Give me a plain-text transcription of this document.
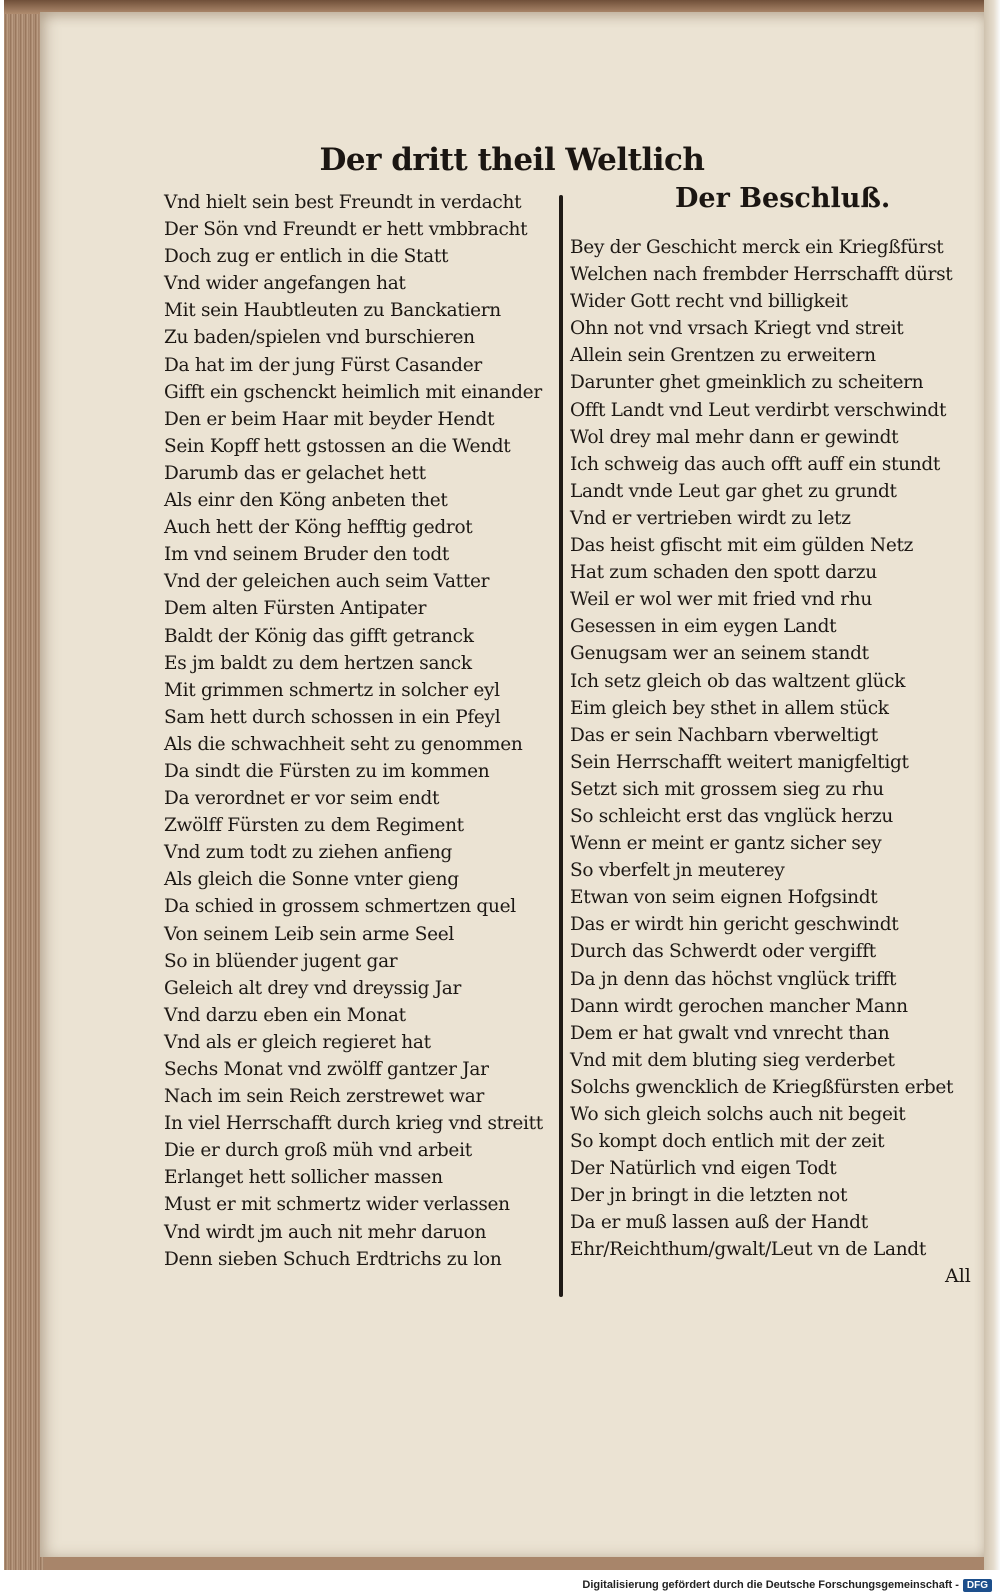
Der dritt theil Weltlich
Vnd hielt sein best Freundt in verdacht
Der Sön vnd Freundt er hett vmbbracht
Doch zug er entlich in die Statt
Vnd wider angefangen hat
Mit sein Haubtleuten zu Banckatiern
Zu baden/spielen vnd burschieren
Da hat im der jung Fürst Casander
Gifft ein gschenckt heimlich mit einander
Den er beim Haar mit beyder Hendt
Sein Kopff hett gstossen an die Wendt
Darumb das er gelachet hett
Als einr den Köng anbeten thet
Auch hett der Köng hefftig gedrot
Im vnd seinem Bruder den todt
Vnd der geleichen auch seim Vatter
Dem alten Fürsten Antipater
Baldt der König das gifft getranck
Es jm baldt zu dem hertzen sanck
Mit grimmen schmertz in solcher eyl
Sam hett durch schossen in ein Pfeyl
Als die schwachheit seht zu genommen
Da sindt die Fürsten zu im kommen
Da verordnet er vor seim endt
Zwölff Fürsten zu dem Regiment
Vnd zum todt zu ziehen anfieng
Als gleich die Sonne vnter gieng
Da schied in grossem schmertzen quel
Von seinem Leib sein arme Seel
So in blüender jugent gar
Geleich alt drey vnd dreyssig Jar
Vnd darzu eben ein Monat
Vnd als er gleich regieret hat
Sechs Monat vnd zwölff gantzer Jar
Nach im sein Reich zerstrewet war
In viel Herrschafft durch krieg vnd streitt
Die er durch groß müh vnd arbeit
Erlanget hett sollicher massen
Must er mit schmertz wider verlassen
Vnd wirdt jm auch nit mehr daruon
Denn sieben Schuch Erdtrichs zu lon
Der Beschluß.
Bey der Geschicht merck ein Kriegßfürst
Welchen nach frembder Herrschafft dürst
Wider Gott recht vnd billigkeit
Ohn not vnd vrsach Kriegt vnd streit
Allein sein Grentzen zu erweitern
Darunter ghet gmeinklich zu scheitern
Offt Landt vnd Leut verdirbt verschwindt
Wol drey mal mehr dann er gewindt
Ich schweig das auch offt auff ein stundt
Landt vnde Leut gar ghet zu grundt
Vnd er vertrieben wirdt zu letz
Das heist gfischt mit eim gülden Netz
Hat zum schaden den spott darzu
Weil er wol wer mit fried vnd rhu
Gesessen in eim eygen Landt
Genugsam wer an seinem standt
Ich setz gleich ob das waltzent glück
Eim gleich bey sthet in allem stück
Das er sein Nachbarn vberweltigt
Sein Herrschafft weitert manigfeltigt
Setzt sich mit grossem sieg zu rhu
So schleicht erst das vnglück herzu
Wenn er meint er gantz sicher sey
So vberfelt jn meuterey
Etwan von seim eignen Hofgsindt
Das er wirdt hin gericht geschwindt
Durch das Schwerdt oder vergifft
Da jn denn das höchst vnglück trifft
Dann wirdt gerochen mancher Mann
Dem er hat gwalt vnd vnrecht than
Vnd mit dem bluting sieg verderbet
Solchs gwencklich de Kriegßfürsten erbet
Wo sich gleich solchs auch nit begeit
So kompt doch entlich mit der zeit
Der Natürlich vnd eigen Todt
Der jn bringt in die letzten not
Da er muß lassen auß der Handt
Ehr/Reichthum/gwalt/Leut vn de Landt
All
Digitalisierung gefördert durch die Deutsche Forschungsgemeinschaft - DFG
